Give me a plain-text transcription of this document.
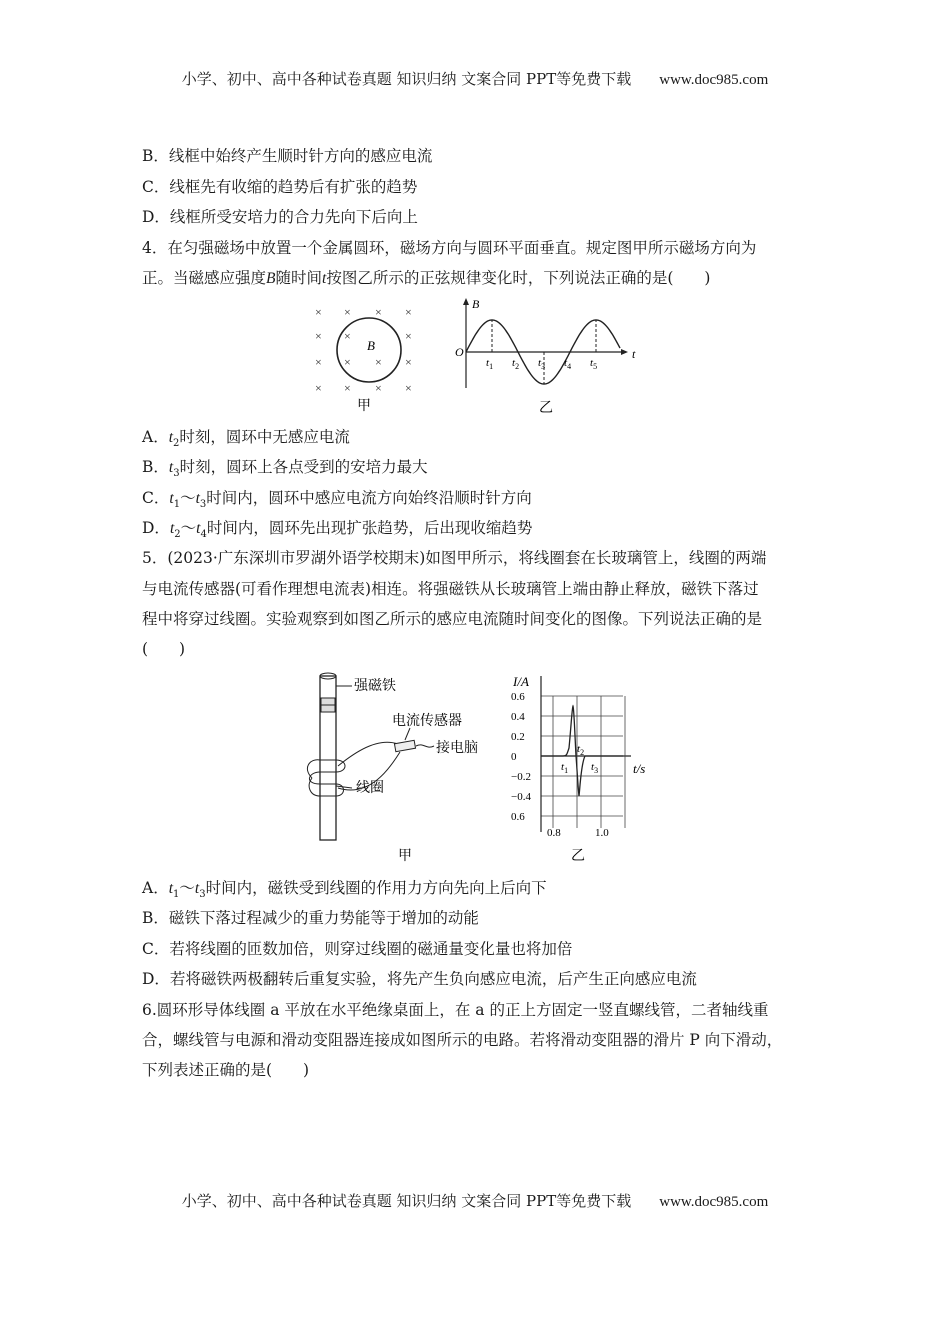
小学、初中、高中各种试卷真题 知识归纳 文案合同 PPT等免费下载 www.doc985.com
B．线框中始终产生顺时针方向的感应电流
C．线框先有收缩的趋势后有扩张的趋势
D．线框所受安培力的合力先向下后向上
4．在匀强磁场中放置一个金属圆环，磁场方向与圆环平面垂直。规定图甲所示磁场方向为
正。当磁感应强度B随时间t按图乙所示的正弦规律变化时，下列说法正确的是(　　)
× × × ×
× ×	×
× × × ×
× × × ×
B
甲
B
t
O
$t_1$ $t_2$ $t_3$ $t_4$ $t_5$
乙
A．$t_2$时刻，圆环中无感应电流
B．$t_3$时刻，圆环上各点受到的安培力最大
C．$t_1\sim t_3$时间内，圆环中感应电流方向始终沿顺时针方向
D．$t_2\sim t_4$时间内，圆环先出现扩张趋势，后出现收缩趋势
5．(2023·广东深圳市罗湖外语学校期末)如图甲所示，将线圈套在长玻璃管上，线圈的两端
与电流传感器(可看作理想电流表)相连。将强磁铁从长玻璃管上端由静止释放，磁铁下落过
程中将穿过线圈。实验观察到如图乙所示的感应电流随时间变化的图像。下列说法正确的是
(　　)
强磁铁
电流传感器
接电脑
线圈
甲
I/A
t/s
0.6
0.4
0.2
0
−0.2
−0.4
0.6
0.8	1.0
$t_1$
$t_2$
$t_3$
乙
A．$t_1\sim t_3$时间内，磁铁受到线圈的作用力方向先向上后向下
B．磁铁下落过程减少的重力势能等于增加的动能
C．若将线圈的匝数加倍，则穿过线圈的磁通量变化量也将加倍
D．若将磁铁两极翻转后重复实验，将先产生负向感应电流，后产生正向感应电流
6.圆环形导体线圈 a 平放在水平绝缘桌面上，在 a 的正上方固定一竖直螺线管，二者轴线重
合，螺线管与电源和滑动变阻器连接成如图所示的电路。若将滑动变阻器的滑片 P 向下滑动，
下列表述正确的是(　　)
小学、初中、高中各种试卷真题 知识归纳 文案合同 PPT等免费下载 www.doc985.com
